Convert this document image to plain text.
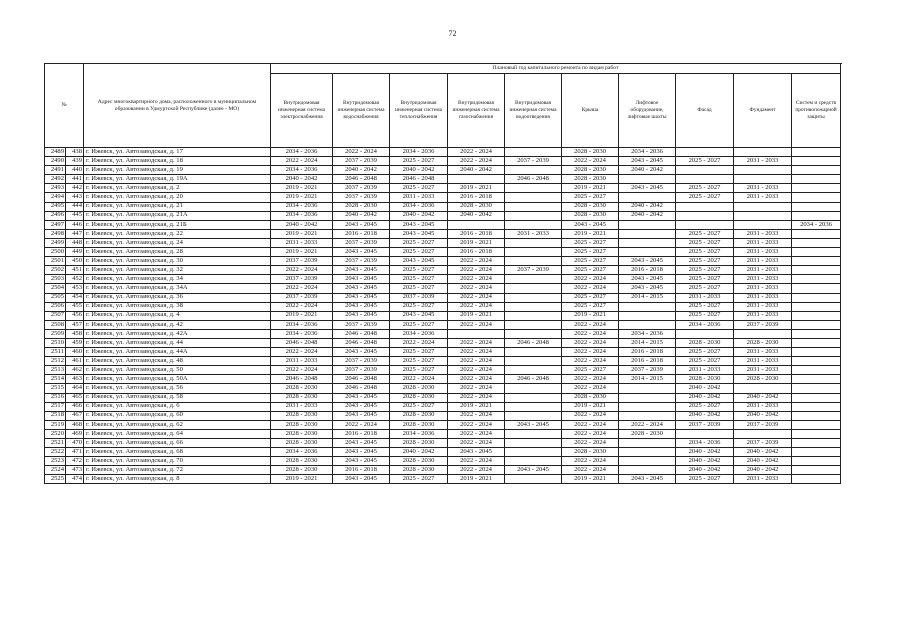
72
№		Адрес многоквартирного дома, расположенного в муниципальном образовании в Удмуртской Республике (далее - МО)	Плановый год капитального ремонта по видам работ										
			Внутридомовая инженерная система электроснабжения	Внутридомовая инженерная система водоснабжения	Внутридомовая инженерная система теплоснабжения	Внутридомовая инженерная система газоснабжения	Внутридомовая инженерная система водоотведения	Крыша	Лифтовое оборудование, лифтовые шахты	Фасад	Фундамент	Систем и средств противопожарной защиты	
2489	438	г. Ижевск, ул. Автозаводская, д. 17	2034 - 2036	2022 - 2024	2034 - 2036	2022 - 2024		2028 - 2030	2034 - 2036				
2490	439	г. Ижевск, ул. Автозаводская, д. 18	2022 - 2024	2037 - 2039	2025 - 2027	2022 - 2024	2037 - 2039	2022 - 2024	2043 - 2045	2025 - 2027	2031 - 2033		
2491	440	г. Ижевск, ул. Автозаводская, д. 19	2034 - 2036	2040 - 2042	2040 - 2042	2040 - 2042		2028 - 2030	2040 - 2042				
2492	441	г. Ижевск, ул. Автозаводская, д. 19А	2040 - 2042	2046 - 2048	2046 - 2048		2046 - 2048	2028 - 2030					
2493	442	г. Ижевск, ул. Автозаводская, д. 2	2019 - 2021	2037 - 2039	2025 - 2027	2019 - 2021		2019 - 2021	2043 - 2045	2025 - 2027	2031 - 2033		
2494	443	г. Ижевск, ул. Автозаводская, д. 20	2019 - 2021	2037 - 2039	2031 - 2033	2016 - 2018		2025 - 2027		2025 - 2027	2031 - 2033		
2495	444	г. Ижевск, ул. Автозаводская, д. 21	2034 - 2036	2028 - 2030	2034 - 2036	2028 - 2030		2028 - 2030	2040 - 2042				
2496	445	г. Ижевск, ул. Автозаводская, д. 21А	2034 - 2036	2040 - 2042	2040 - 2042	2040 - 2042		2028 - 2030	2040 - 2042				
2497	446	г. Ижевск, ул. Автозаводская, д. 21Б	2040 - 2042	2043 - 2045	2043 - 2045			2043 - 2045				2034 - 2036	
2498	447	г. Ижевск, ул. Автозаводская, д. 22	2019 - 2021	2016 - 2018	2043 - 2045	2016 - 2018	2031 - 2033	2019 - 2021		2025 - 2027	2031 - 2033		
2499	448	г. Ижевск, ул. Автозаводская, д. 24	2031 - 2033	2037 - 2039	2025 - 2027	2019 - 2021		2025 - 2027		2025 - 2027	2031 - 2033		
2500	449	г. Ижевск, ул. Автозаводская, д. 28	2019 - 2021	2043 - 2045	2025 - 2027	2016 - 2018		2025 - 2027		2025 - 2027	2031 - 2033		
2501	450	г. Ижевск, ул. Автозаводская, д. 30	2037 - 2039	2037 - 2039	2043 - 2045	2022 - 2024		2025 - 2027	2043 - 2045	2025 - 2027	2031 - 2033		
2502	451	г. Ижевск, ул. Автозаводская, д. 32	2022 - 2024	2043 - 2045	2025 - 2027	2022 - 2024	2037 - 2039	2025 - 2027	2016 - 2018	2025 - 2027	2031 - 2033		
2503	452	г. Ижевск, ул. Автозаводская, д. 34	2037 - 2039	2043 - 2045	2025 - 2027	2022 - 2024		2022 - 2024	2043 - 2045	2025 - 2027	2031 - 2033		
2504	453	г. Ижевск, ул. Автозаводская, д. 34А	2022 - 2024	2043 - 2045	2025 - 2027	2022 - 2024		2022 - 2024	2043 - 2045	2025 - 2027	2031 - 2033		
2505	454	г. Ижевск, ул. Автозаводская, д. 36	2037 - 2039	2043 - 2045	2037 - 2039	2022 - 2024		2025 - 2027	2014 - 2015	2031 - 2033	2031 - 2033		
2506	455	г. Ижевск, ул. Автозаводская, д. 38	2022 - 2024	2043 - 2045	2025 - 2027	2022 - 2024		2025 - 2027		2025 - 2027	2031 - 2033		
2507	456	г. Ижевск, ул. Автозаводская, д. 4	2019 - 2021	2043 - 2045	2043 - 2045	2019 - 2021		2019 - 2021		2025 - 2027	2031 - 2033		
2508	457	г. Ижевск, ул. Автозаводская, д. 42	2034 - 2036	2037 - 2039	2025 - 2027	2022 - 2024		2022 - 2024		2034 - 2036	2037 - 2039		
2509	458	г. Ижевск, ул. Автозаводская, д. 42А	2034 - 2036	2046 - 2048	2034 - 2036			2022 - 2024	2034 - 2036				
2510	459	г. Ижевск, ул. Автозаводская, д. 44	2046 - 2048	2046 - 2048	2022 - 2024	2022 - 2024	2046 - 2048	2022 - 2024	2014 - 2015	2028 - 2030	2028 - 2030		
2511	460	г. Ижевск, ул. Автозаводская, д. 44А	2022 - 2024	2043 - 2045	2025 - 2027	2022 - 2024		2022 - 2024	2016 - 2018	2025 - 2027	2031 - 2033		
2512	461	г. Ижевск, ул. Автозаводская, д. 48	2031 - 2033	2037 - 2039	2025 - 2027	2022 - 2024		2022 - 2024	2016 - 2018	2025 - 2027	2031 - 2033		
2513	462	г. Ижевск, ул. Автозаводская, д. 50	2022 - 2024	2037 - 2039	2025 - 2027	2022 - 2024		2025 - 2027	2037 - 2039	2031 - 2033	2031 - 2033		
2514	463	г. Ижевск, ул. Автозаводская, д. 50А	2046 - 2048	2046 - 2048	2022 - 2024	2022 - 2024	2046 - 2048	2022 - 2024	2014 - 2015	2028 - 2030	2028 - 2030		
2515	464	г. Ижевск, ул. Автозаводская, д. 56	2028 - 2030	2046 - 2048	2028 - 2030	2022 - 2024		2022 - 2024		2040 - 2042			
2516	465	г. Ижевск, ул. Автозаводская, д. 58	2028 - 2030	2043 - 2045	2028 - 2030	2022 - 2024		2028 - 2030		2040 - 2042	2040 - 2042		
2517	466	г. Ижевск, ул. Автозаводская, д. 6	2031 - 2033	2043 - 2045	2025 - 2027	2019 - 2021		2019 - 2021		2025 - 2027	2031 - 2033		
2518	467	г. Ижевск, ул. Автозаводская, д. 60	2028 - 2030	2043 - 2045	2028 - 2030	2022 - 2024		2022 - 2024		2040 - 2042	2040 - 2042		
2519	468	г. Ижевск, ул. Автозаводская, д. 62	2028 - 2030	2022 - 2024	2028 - 2030	2022 - 2024	2043 - 2045	2022 - 2024	2022 - 2024	2037 - 2039	2037 - 2039		
2520	469	г. Ижевск, ул. Автозаводская, д. 64	2028 - 2030	2016 - 2018	2034 - 2036	2022 - 2024		2022 - 2024	2028 - 2030				
2521	470	г. Ижевск, ул. Автозаводская, д. 66	2028 - 2030	2043 - 2045	2028 - 2030	2022 - 2024		2022 - 2024		2034 - 2036	2037 - 2039		
2522	471	г. Ижевск, ул. Автозаводская, д. 68	2034 - 2036	2043 - 2045	2040 - 2042	2043 - 2045		2028 - 2030		2040 - 2042	2040 - 2042		
2523	472	г. Ижевск, ул. Автозаводская, д. 70	2028 - 2030	2043 - 2045	2028 - 2030	2022 - 2024		2022 - 2024		2040 - 2042	2040 - 2042		
2524	473	г. Ижевск, ул. Автозаводская, д. 72	2028 - 2030	2016 - 2018	2028 - 2030	2022 - 2024	2043 - 2045	2022 - 2024		2040 - 2042	2040 - 2042		
2525	474	г. Ижевск, ул. Автозаводская, д. 8	2019 - 2021	2043 - 2045	2025 - 2027	2019 - 2021		2019 - 2021	2043 - 2045	2025 - 2027	2031 - 2033		
